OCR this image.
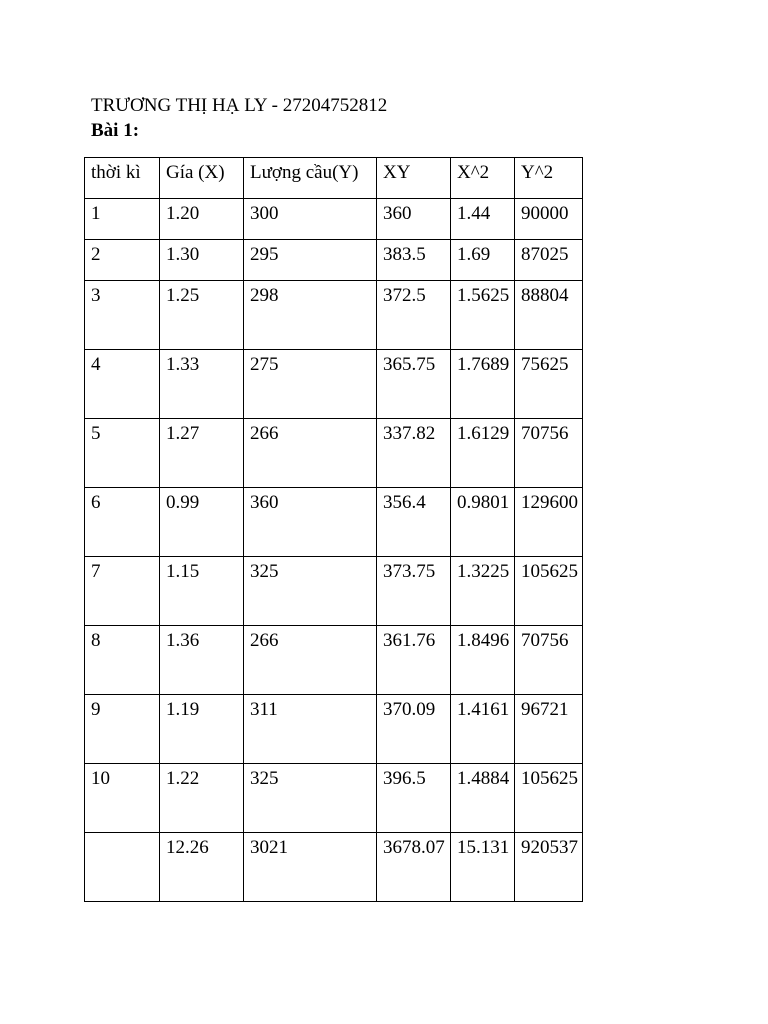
TRƯƠNG THỊ HẠ LY - 27204752812
Bài 1:
thời kì	Gía (X)	Lượng cầu(Y)	XY	X^2	Y^2
1	1.20	300	360	1.44	90000
2	1.30	295	383.5	1.69	87025
3	1.25	298	372.5	1.5625	88804
4	1.33	275	365.75	1.7689	75625
5	1.27	266	337.82	1.6129	70756
6	0.99	360	356.4	0.9801	129600
7	1.15	325	373.75	1.3225	105625
8	1.36	266	361.76	1.8496	70756
9	1.19	311	370.09	1.4161	96721
10	1.22	325	396.5	1.4884	105625
	12.26	3021	3678.07	15.131	920537
